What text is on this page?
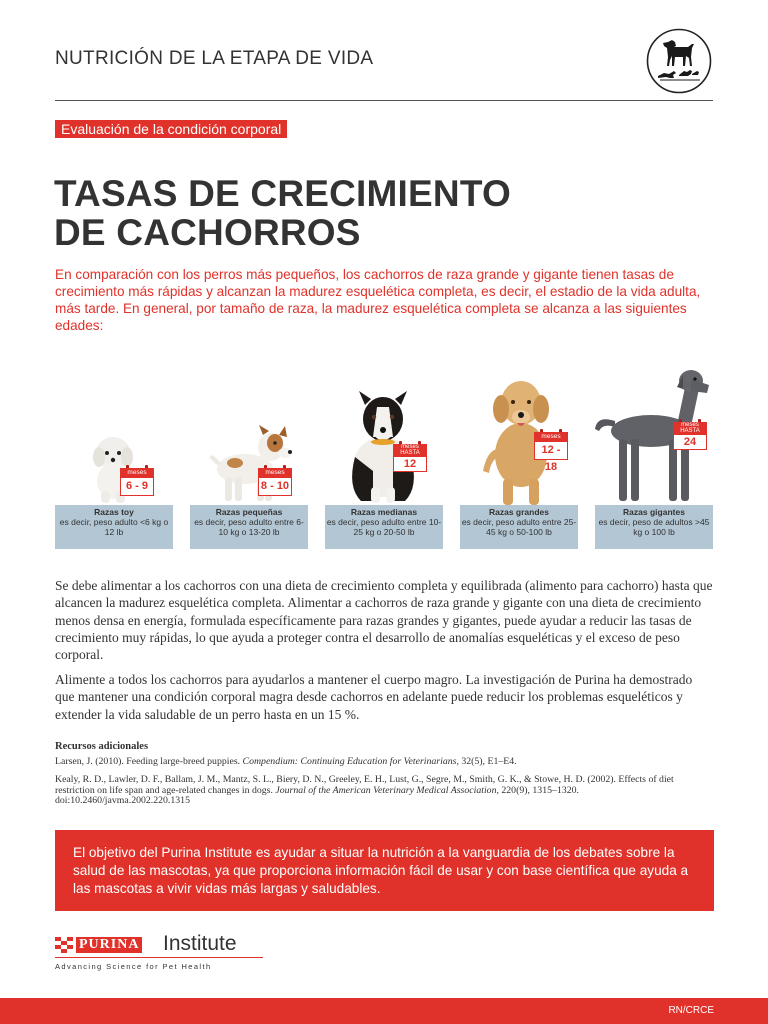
NUTRICIÓN DE LA ETAPA DE VIDA
Evaluación de la condición corporal
TASAS DE CRECIMIENTO
DE CACHORROS

En comparación con los perros más pequeños, los cachorros de raza grande y gigante tienen tasas de crecimiento más rápidas y alcanzan la madurez esquelética completa, es decir, el estadio de la vida adulta, más tarde. En general, por tamaño de raza, la madurez esquelética completa se alcanza a las siguientes edades:

meses
6 - 9
meses
8 - 10
meses
HASTA
12
meses
12 - 18
meses
HASTA
24
Razas toy
es decir, peso adulto <6 kg o 12 lb
Razas pequeñas
es decir, peso adulto entre 6-10 kg o 13-20 lb
Razas medianas
es decir, peso adulto entre 10-25 kg o 20-50 lb
Razas grandes
es decir, peso adulto entre 25-45 kg o 50-100 lb
Razas gigantes
es decir, peso de adultos >45 kg o 100 lb

Se debe alimentar a los cachorros con una dieta de crecimiento completa y equilibrada (alimento para cachorro) hasta que alcancen la madurez esquelética completa. Alimentar a cachorros de raza grande y gigante con una dieta de crecimiento menos densa en energía, formulada específicamente para razas grandes y gigantes, puede ayudar a reducir las tasas de crecimiento muy rápidas, lo que ayuda a proteger contra el desarrollo de anomalías esqueléticas y el exceso de peso corporal.

Alimente a todos los cachorros para ayudarlos a mantener el cuerpo magro. La investigación de Purina ha demostrado que mantener una condición corporal magra desde cachorros en adelante puede reducir los problemas esqueléticos y extender la vida saludable de un perro hasta en un 15 %.

Recursos adicionales

Larsen, J. (2010). Feeding large-breed puppies. Compendium: Continuing Education for Veterinarians, 32(5), E1–E4.

Kealy, R. D., Lawler, D. F., Ballam, J. M., Mantz, S. L., Biery, D. N., Greeley, E. H., Lust, G., Segre, M., Smith, G. K., & Stowe, H. D. (2002). Effects of diet restriction on life span and age-related changes in dogs. Journal of the American Veterinary Medical Association, 220(9), 1315–1320. doi:10.2460/javma.2002.220.1315

El objetivo del Purina Institute es ayudar a situar la nutrición a la vanguardia de los debates sobre la salud de las mascotas, ya que proporciona información fácil de usar y con base científica que ayuda a las mascotas a vivir vidas más largas y saludables.

PURINA Institute
Advancing Science for Pet Health
RN/CRCE
